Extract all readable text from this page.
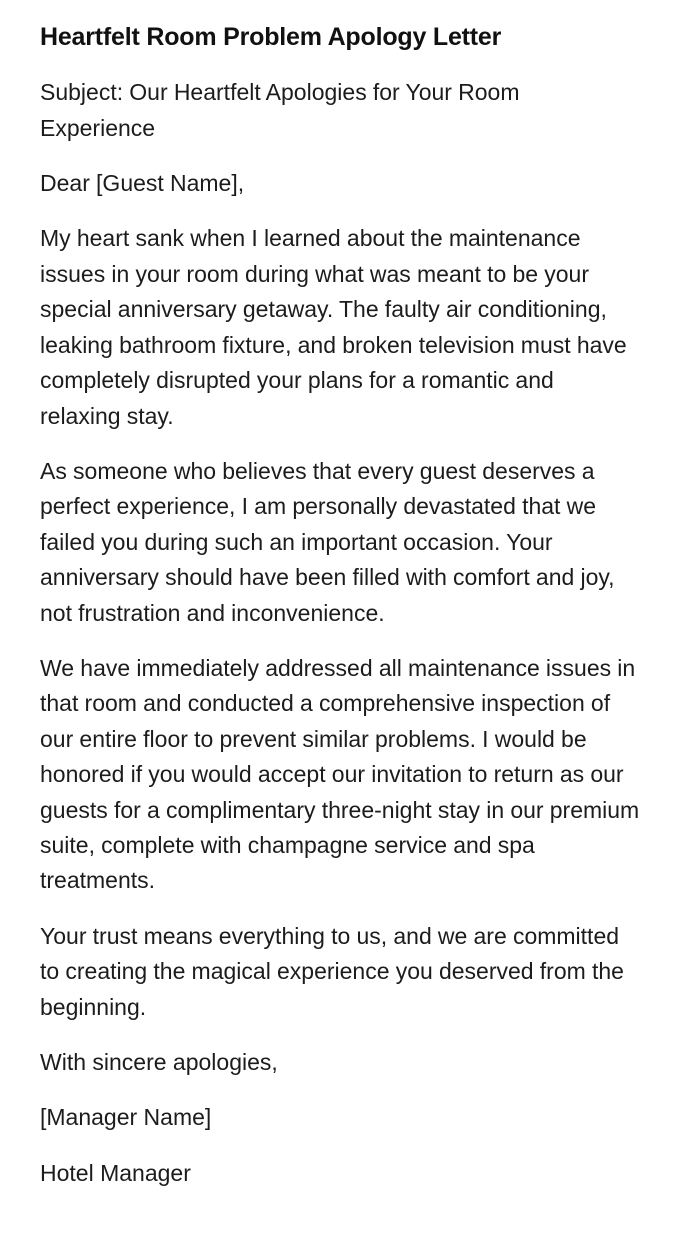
Heartfelt Room Problem Apology Letter

Subject: Our Heartfelt Apologies for Your Room Experience

Dear [Guest Name],

My heart sank when I learned about the maintenance issues in your room during what was meant to be your special anniversary getaway. The faulty air conditioning, leaking bathroom fixture, and broken television must have completely disrupted your plans for a romantic and relaxing stay.

As someone who believes that every guest deserves a perfect experience, I am personally devastated that we failed you during such an important occasion. Your anniversary should have been filled with comfort and joy, not frustration and inconvenience.

We have immediately addressed all maintenance issues in that room and conducted a comprehensive inspection of our entire floor to prevent similar problems. I would be honored if you would accept our invitation to return as our guests for a complimentary three-night stay in our premium suite, complete with champagne service and spa treatments.

Your trust means everything to us, and we are committed to creating the magical experience you deserved from the beginning.

With sincere apologies,

[Manager Name]

Hotel Manager
